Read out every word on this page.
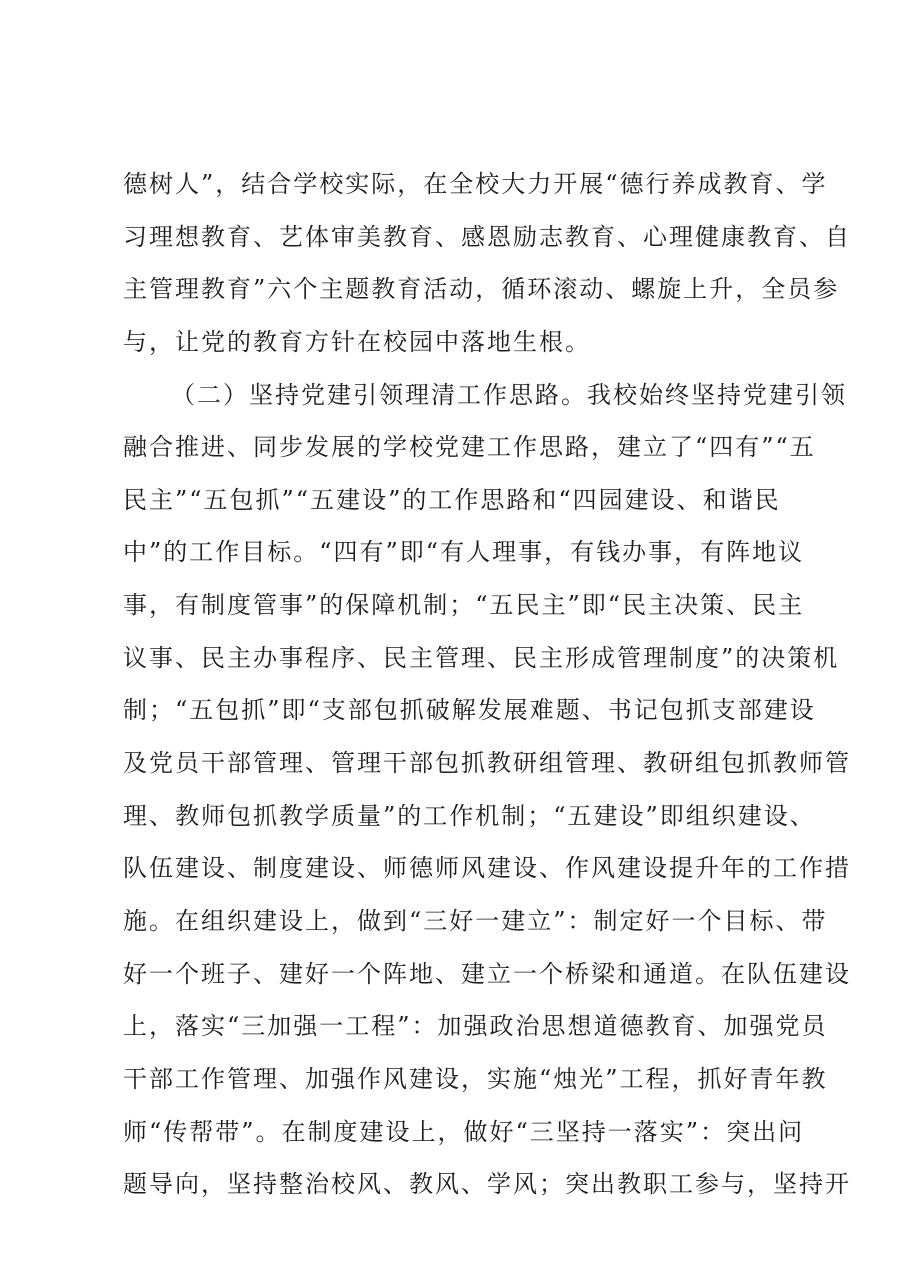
德树人”，结合学校实际，在全校大力开展“德行养成教育、学
习理想教育、艺体审美教育、感恩励志教育、心理健康教育、自
主管理教育”六个主题教育活动，循环滚动、螺旋上升，全员参
与，让党的教育方针在校园中落地生根。
（二）坚持党建引领理清工作思路。我校始终坚持党建引领
融合推进、同步发展的学校党建工作思路，建立了“四有”“五
民主”“五包抓”“五建设”的工作思路和“四园建设、和谐民
中”的工作目标。“四有”即“有人理事，有钱办事，有阵地议
事，有制度管事”的保障机制；“五民主”即“民主决策、民主
议事、民主办事程序、民主管理、民主形成管理制度”的决策机
制；“五包抓”即“支部包抓破解发展难题、书记包抓支部建设
及党员干部管理、管理干部包抓教研组管理、教研组包抓教师管
理、教师包抓教学质量”的工作机制；“五建设”即组织建设、
队伍建设、制度建设、师德师风建设、作风建设提升年的工作措
施。在组织建设上，做到“三好一建立”：制定好一个目标、带
好一个班子、建好一个阵地、建立一个桥梁和通道。在队伍建设
上，落实“三加强一工程”：加强政治思想道德教育、加强党员
干部工作管理、加强作风建设，实施“烛光”工程，抓好青年教
师“传帮带”。在制度建设上，做好“三坚持一落实”：突出问
题导向，坚持整治校风、教风、学风；突出教职工参与，坚持开
